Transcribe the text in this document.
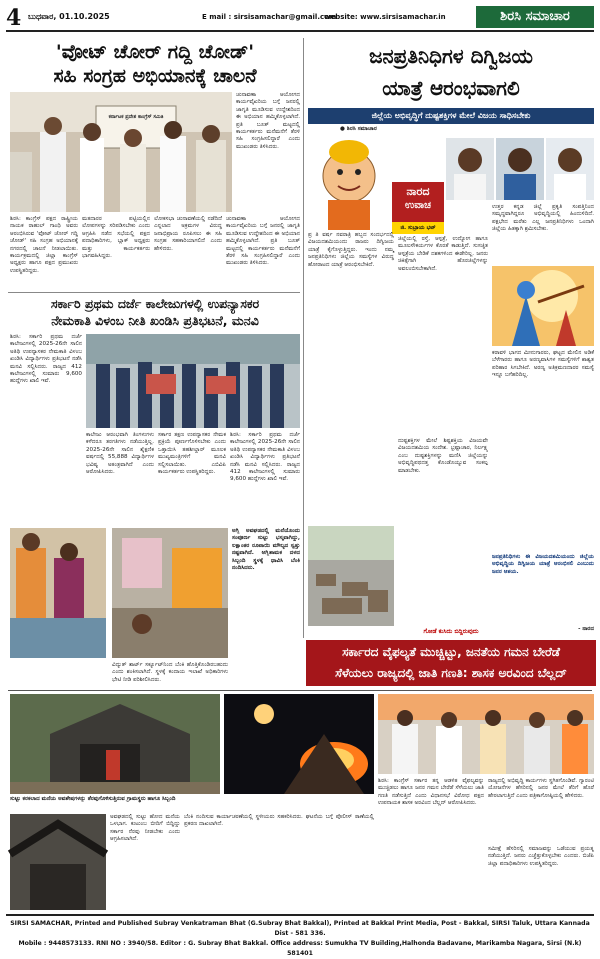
4 ಬುಧವಾರ, 01.10.2025	E mail : sirsisamachar@gmail.com
website: www.sirsisamachar.in	ಶಿರಸಿ ಸಮಾಚಾರ
'ವೋಟ್ ಚೋರ್ ಗದ್ದಿ ಚೋಡ್'
ಸಹಿ ಸಂಗ್ರಹ ಅಭಿಯಾನಕ್ಕೆ ಚಾಲನೆ
ಕರ್ನಾಟಕ ಪ್ರದೇಶ ಕಾಂಗ್ರೆಸ್ ಸಮಿತಿ
ಚುನಾವಣಾ ಆಯೋಗದ ಕಾರ್ಯವೈಖರಿಯ ಬಗ್ಗೆ ಜನರಲ್ಲಿ ಜಾಗೃತಿ ಮೂಡಿಸುವ ಉದ್ದೇಶದಿಂದ ಈ ಅಭಿಯಾನ ಹಮ್ಮಿಕೊಳ್ಳಲಾಗಿದೆ. ಪ್ರತಿ ಬೂತ್ ಮಟ್ಟದಲ್ಲಿ ಕಾರ್ಯಕರ್ತರು ಮನೆಮನೆಗೆ ತೆರಳಿ ಸಹಿ ಸಂಗ್ರಹಿಸಲಿದ್ದಾರೆ ಎಂದು ಮುಖಂಡರು ತಿಳಿಸಿದರು.
ಶಿರಸಿ: ಕಾಂಗ್ರೆಸ್ ಪಕ್ಷದ ರಾಷ್ಟ್ರೀಯ ನಾಯಕ ರಾಹುಲ್ ಗಾಂಧಿ ಅವರು ಆರಂಭಿಸಿರುವ 'ವೋಟ್ ಚೋರ್ ಗದ್ದಿ ಚೋಡ್' ಸಹಿ ಸಂಗ್ರಹ ಅಭಿಯಾನಕ್ಕೆ ನಗರದಲ್ಲಿ ಚಾಲನೆ ನೀಡಲಾಯಿತು. ಕಾರ್ಯಕ್ರಮದಲ್ಲಿ ಜಿಲ್ಲಾ ಕಾಂಗ್ರೆಸ್ ಅಧ್ಯಕ್ಷರು ಹಾಗೂ ಪಕ್ಷದ ಪ್ರಮುಖರು ಉಪಸ್ಥಿತರಿದ್ದರು.
ಮತದಾರರ ಪಟ್ಟಿಯಲ್ಲಿನ ಲೋಪಗಳನ್ನು ಸರಿಪಡಿಸಬೇಕು ಎಂದು ಆಗ್ರಹಿಸಿ ನಡೆದ ಸಭೆಯಲ್ಲಿ ಪಕ್ಷದ ಪದಾಧಿಕಾರಿಗಳು, ಬ್ಲಾಕ್ ಅಧ್ಯಕ್ಷರು ಮತ್ತು ಕಾರ್ಯಕರ್ತರು ಭಾಗವಹಿಸಿದ್ದರು.
ಲೋಕಸಭಾ ಚುನಾವಣೆಯಲ್ಲಿ ನಡೆದಿದೆ ಎನ್ನಲಾದ ಅಕ್ರಮಗಳ ವಿರುದ್ಧ ಜನಾಭಿಪ್ರಾಯ ರೂಪಿಸಲು ಈ ಸಹಿ ಸಂಗ್ರಹ ಸಹಕಾರಿಯಾಗಲಿದೆ ಎಂದು ಹೇಳಿದರು.
ಚುನಾವಣಾ ಆಯೋಗದ ಕಾರ್ಯವೈಖರಿಯ ಬಗ್ಗೆ ಜನರಲ್ಲಿ ಜಾಗೃತಿ ಮೂಡಿಸುವ ಉದ್ದೇಶದಿಂದ ಈ ಅಭಿಯಾನ ಹಮ್ಮಿಕೊಳ್ಳಲಾಗಿದೆ. ಪ್ರತಿ ಬೂತ್ ಮಟ್ಟದಲ್ಲಿ ಕಾರ್ಯಕರ್ತರು ಮನೆಮನೆಗೆ ತೆರಳಿ ಸಹಿ ಸಂಗ್ರಹಿಸಲಿದ್ದಾರೆ ಎಂದು ಮುಖಂಡರು ತಿಳಿಸಿದರು.
ಸರ್ಕಾರಿ ಪ್ರಥಮ ದರ್ಜೆ ಕಾಲೇಜುಗಳಲ್ಲಿ ಉಪನ್ಯಾಸಕರ
ನೇಮಕಾತಿ ವಿಳಂಬ ನೀತಿ ಖಂಡಿಸಿ ಪ್ರತಿಭಟನೆ, ಮನವಿ
ಶಿರಸಿ: ಸರ್ಕಾರಿ ಪ್ರಥಮ ದರ್ಜೆ ಕಾಲೇಜುಗಳಲ್ಲಿ 2025-26ನೇ ಸಾಲಿನ ಅತಿಥಿ ಉಪನ್ಯಾಸಕರ ನೇಮಕಾತಿ ವಿಳಂಬ ಖಂಡಿಸಿ ವಿದ್ಯಾರ್ಥಿಗಳು ಪ್ರತಿಭಟನೆ ನಡೆಸಿ ಮನವಿ ಸಲ್ಲಿಸಿದರು. ರಾಜ್ಯದ 412 ಕಾಲೇಜುಗಳಲ್ಲಿ ಸುಮಾರು 9,600 ಹುದ್ದೆಗಳು ಖಾಲಿ ಇವೆ.
ಕಾಲೇಜು ಆರಂಭವಾಗಿ ತಿಂಗಳುಗಳು ಕಳೆದರೂ ತರಗತಿಗಳು ನಡೆಯುತ್ತಿಲ್ಲ. 2025-26ನೇ ಸಾಲಿನ ಶೈಕ್ಷಣಿಕ ವರ್ಷದಲ್ಲಿ 55,888 ವಿದ್ಯಾರ್ಥಿಗಳ ಭವಿಷ್ಯ ಅತಂತ್ರವಾಗಿದೆ ಎಂದು ಆರೋಪಿಸಿದರು.
ಸರ್ಕಾರ ತಕ್ಷಣ ಉಪನ್ಯಾಸಕರ ನೇಮಕ ಪ್ರಕ್ರಿಯೆ ಪೂರ್ಣಗೊಳಿಸಬೇಕು ಎಂದು ಒತ್ತಾಯಿಸಿ ತಹಶೀಲ್ದಾರ್ ಮೂಲಕ ಮುಖ್ಯಮಂತ್ರಿಗಳಿಗೆ ಮನವಿ ಸಲ್ಲಿಸಲಾಯಿತು. ಎಬಿವಿಪಿ ಕಾರ್ಯಕರ್ತರು ಉಪಸ್ಥಿತರಿದ್ದರು.
ಶಿರಸಿ: ಸರ್ಕಾರಿ ಪ್ರಥಮ ದರ್ಜೆ ಕಾಲೇಜುಗಳಲ್ಲಿ 2025-26ನೇ ಸಾಲಿನ ಅತಿಥಿ ಉಪನ್ಯಾಸಕರ ನೇಮಕಾತಿ ವಿಳಂಬ ಖಂಡಿಸಿ ವಿದ್ಯಾರ್ಥಿಗಳು ಪ್ರತಿಭಟನೆ ನಡೆಸಿ ಮನವಿ ಸಲ್ಲಿಸಿದರು. ರಾಜ್ಯದ 412 ಕಾಲೇಜುಗಳಲ್ಲಿ ಸುಮಾರು 9,600 ಹುದ್ದೆಗಳು ಖಾಲಿ ಇವೆ.
ಜನಪ್ರತಿನಿಧಿಗಳ ದಿಗ್ವಿಜಯ
ಯಾತ್ರೆ ಆರಂಭವಾಗಲಿ
ಜಿಲ್ಲೆಯ ಅಭಿವೃದ್ಧಿಗೆ ದುಷ್ಟಶಕ್ತಿಗಳ ಮೇಲೆ ವಿಜಯ ಸಾಧಿಸಬೇಕು
● ಶಿರಸಿ ಸಮಾಚಾರ
ನಾರದ
ಉವಾಚ
ಜಿ. ಸುಬ್ರಾಯ ಭಟ್
ಪ್ರ ತಿ ವರ್ಷ ನವರಾತ್ರಿ ಹಬ್ಬದ ಸಂದರ್ಭದಲ್ಲಿ ವಿಜಯದಶಮಿಯಂದು ರಾಜರು ದಿಗ್ವಿಜಯ ಯಾತ್ರೆ ಕೈಗೊಳ್ಳುತ್ತಿದ್ದರು. ಇಂದು ನಮ್ಮ ಜನಪ್ರತಿನಿಧಿಗಳು ಜಿಲ್ಲೆಯ ಸಮಸ್ಯೆಗಳ ವಿರುದ್ಧ ಹೋರಾಟದ ಯಾತ್ರೆ ಆರಂಭಿಸಬೇಕಿದೆ.
ಜಿಲ್ಲೆಯಲ್ಲಿ ರಸ್ತೆ, ಆಸ್ಪತ್ರೆ, ಉದ್ಯೋಗ ಹಾಗೂ ಮೂಲಸೌಕರ್ಯಗಳ ಕೊರತೆ ಕಾಡುತ್ತಿದೆ. ಸುಸಜ್ಜಿತ ಆಸ್ಪತ್ರೆಯ ಬೇಡಿಕೆ ದಶಕಗಳಿಂದ ಈಡೇರಿಲ್ಲ. ಜನರು ಚಿಕಿತ್ಸೆಗಾಗಿ ಹೊರಜಿಲ್ಲೆಗಳನ್ನು ಅವಲಂಬಿಸಬೇಕಾಗಿದೆ.
ಉತ್ತರ ಕನ್ನಡ ಜಿಲ್ಲೆ ಪ್ರಕೃತಿ ಸಂಪತ್ತಿನಿಂದ ಸಮೃದ್ಧವಾಗಿದ್ದರೂ ಅಭಿವೃದ್ಧಿಯಲ್ಲಿ ಹಿಂದುಳಿದಿದೆ. ಪಕ್ಷಭೇದ ಮರೆತು ಎಲ್ಲ ಜನಪ್ರತಿನಿಧಿಗಳು ಒಂದಾಗಿ ಜಿಲ್ಲೆಯ ಹಿತಕ್ಕಾಗಿ ಶ್ರಮಿಸಬೇಕು.
ದುಷ್ಟಶಕ್ತಿಗಳ ಮೇಲೆ ಶಿಷ್ಟಶಕ್ತಿಯ ವಿಜಯವೇ ವಿಜಯದಶಮಿಯ ಸಂದೇಶ. ಭ್ರಷ್ಟಾಚಾರ, ನಿರ್ಲಕ್ಷ್ಯ ಎಂಬ ದುಷ್ಟಶಕ್ತಿಗಳನ್ನು ಮಣಿಸಿ ಜಿಲ್ಲೆಯನ್ನು ಅಭಿವೃದ್ಧಿಪಥದತ್ತ ಕೊಂಡೊಯ್ಯುವ ಸಂಕಲ್ಪ ಮಾಡಬೇಕು.
ಕರಾವಳಿ ಭಾಗದ ಮೀನುಗಾರರು, ಘಟ್ಟದ ಮೇಲಿನ ಅಡಿಕೆ ಬೆಳೆಗಾರರು ಹಾಗೂ ಅರಣ್ಯವಾಸಿಗಳ ಸಮಸ್ಯೆಗಳಿಗೆ ಶಾಶ್ವತ ಪರಿಹಾರ ಸಿಗಬೇಕಿದೆ. ಅರಣ್ಯ ಅತಿಕ್ರಮಣದಾರರ ಸಮಸ್ಯೆ ಇನ್ನೂ ಬಗೆಹರಿದಿಲ್ಲ.
ಜನಪ್ರತಿನಿಧಿಗಳು ಈ ವಿಜಯದಶಮಿಯಂದು ಜಿಲ್ಲೆಯ ಅಭಿವೃದ್ಧಿಯ ದಿಗ್ವಿಜಯ ಯಾತ್ರೆ ಆರಂಭಿಸಲಿ ಎಂಬುದು ಜನರ ಆಶಯ.
- ನಾರದ
ಗೋಡೆ ಕುಸಿದು ಬಿದ್ದಿರುವುದು
ಅಗ್ನಿ ಅವಘಡದಲ್ಲಿ ಮನೆಯೊಂದು ಸಂಪೂರ್ಣ ಸುಟ್ಟು ಭಸ್ಮವಾಗಿದ್ದು, ಲಕ್ಷಾಂತರ ರೂಪಾಯಿ ಮೌಲ್ಯದ ಸ್ವತ್ತು ನಷ್ಟವಾಗಿದೆ. ಅಗ್ನಿಶಾಮಕ ದಳದ ಸಿಬ್ಬಂದಿ ಸ್ಥಳಕ್ಕೆ ಧಾವಿಸಿ ಬೆಂಕಿ ನಂದಿಸಿದರು.
ವಿದ್ಯುತ್ ಶಾರ್ಟ್ ಸರ್ಕ್ಯೂಟ್‌ನಿಂದ ಬೆಂಕಿ ಹೊತ್ತಿಕೊಂಡಿರಬಹುದು ಎಂದು ಶಂಕಿಸಲಾಗಿದೆ. ಸ್ಥಳಕ್ಕೆ ಕಂದಾಯ ಇಲಾಖೆ ಅಧಿಕಾರಿಗಳು ಭೇಟಿ ನೀಡಿ ಪರಿಶೀಲಿಸಿದರು.
ಸರ್ಕಾರದ ವೈಫಲ್ಯತೆ ಮುಚ್ಚಿಟ್ಟು, ಜನತೆಯ ಗಮನ ಬೇರೆಡೆ
ಸೆಳೆಯಲು ರಾಜ್ಯದಲ್ಲಿ ಜಾತಿ ಗಣತಿ: ಶಾಸಕ ಅರವಿಂದ ಬೆಲ್ಲದ್
ಸುಟ್ಟು ಕರಕಲಾದ ಮನೆಯ ಅವಶೇಷಗಳನ್ನು ತೆರವುಗೊಳಿಸುತ್ತಿರುವ ಗ್ರಾಮಸ್ಥರು ಹಾಗೂ ಸಿಬ್ಬಂದಿ
ಅವಘಡದಲ್ಲಿ ಸುಟ್ಟು ಹೋದ ಮನೆಯ ಒಳಭಾಗ. ಕುಟುಂಬ ಬೀದಿಗೆ ಬಿದ್ದಿದ್ದು ಸರ್ಕಾರ ನೆರವು ನೀಡಬೇಕು ಎಂದು ಆಗ್ರಹಿಸಲಾಗಿದೆ.
ಬೆಂಕಿ ನಂದಿಸುವ ಕಾರ್ಯಾಚರಣೆಯಲ್ಲಿ ಸ್ಥಳೀಯರು ಸಹಕರಿಸಿದರು. ಘಟನೆಯ ಬಗ್ಗೆ ಪೊಲೀಸ್ ಠಾಣೆಯಲ್ಲಿ ಪ್ರಕರಣ ದಾಖಲಾಗಿದೆ.
ಶಿರಸಿ: ಕಾಂಗ್ರೆಸ್ ಸರ್ಕಾರ ತನ್ನ ಆಡಳಿತ ವೈಫಲ್ಯವನ್ನು ಮುಚ್ಚಿಡಲು ಹಾಗೂ ಜನರ ಗಮನ ಬೇರೆಡೆ ಸೆಳೆಯಲು ಜಾತಿ ಗಣತಿ ನಡೆಸುತ್ತಿದೆ ಎಂದು ವಿಧಾನಸಭೆ ವಿರೋಧ ಪಕ್ಷದ ಉಪನಾಯಕ ಶಾಸಕ ಅರವಿಂದ ಬೆಲ್ಲದ್ ಆರೋಪಿಸಿದರು.
ರಾಜ್ಯದಲ್ಲಿ ಅಭಿವೃದ್ಧಿ ಕಾರ್ಯಗಳು ಸ್ಥಗಿತಗೊಂಡಿವೆ. ಗ್ಯಾರಂಟಿ ಯೋಜನೆಗಳ ಹೆಸರಿನಲ್ಲಿ ಜನರ ಮೇಲೆ ತೆರಿಗೆ ಹೊರೆ ಹೇರಲಾಗುತ್ತಿದೆ ಎಂದು ಪತ್ರಿಕಾಗೋಷ್ಠಿಯಲ್ಲಿ ಹೇಳಿದರು.
ಸಮೀಕ್ಷೆ ಹೆಸರಿನಲ್ಲಿ ಸಮಾಜವನ್ನು ಒಡೆಯುವ ಪ್ರಯತ್ನ ನಡೆಯುತ್ತಿದೆ. ಜನರು ಎಚ್ಚೆತ್ತುಕೊಳ್ಳಬೇಕು ಎಂದರು. ಬಿಜೆಪಿ ಜಿಲ್ಲಾ ಪದಾಧಿಕಾರಿಗಳು ಉಪಸ್ಥಿತರಿದ್ದರು.
SIRSI SAMACHAR, Printed and Published Subray Venkatraman Bhat (G.Subray Bhat Bakkal), Printed at Bakkal Print Media, Post - Bakkal, SIRSI Taluk, Uttara Kannada Dist - 581 336.
Mobile : 9448573133. RNI NO : 3940/58. Editor : G. Subray Bhat Bakkal. Office address: Sumukha TV Building,Halhonda Badavane, Marikamba Nagara, Sirsi (N.k) 581401
